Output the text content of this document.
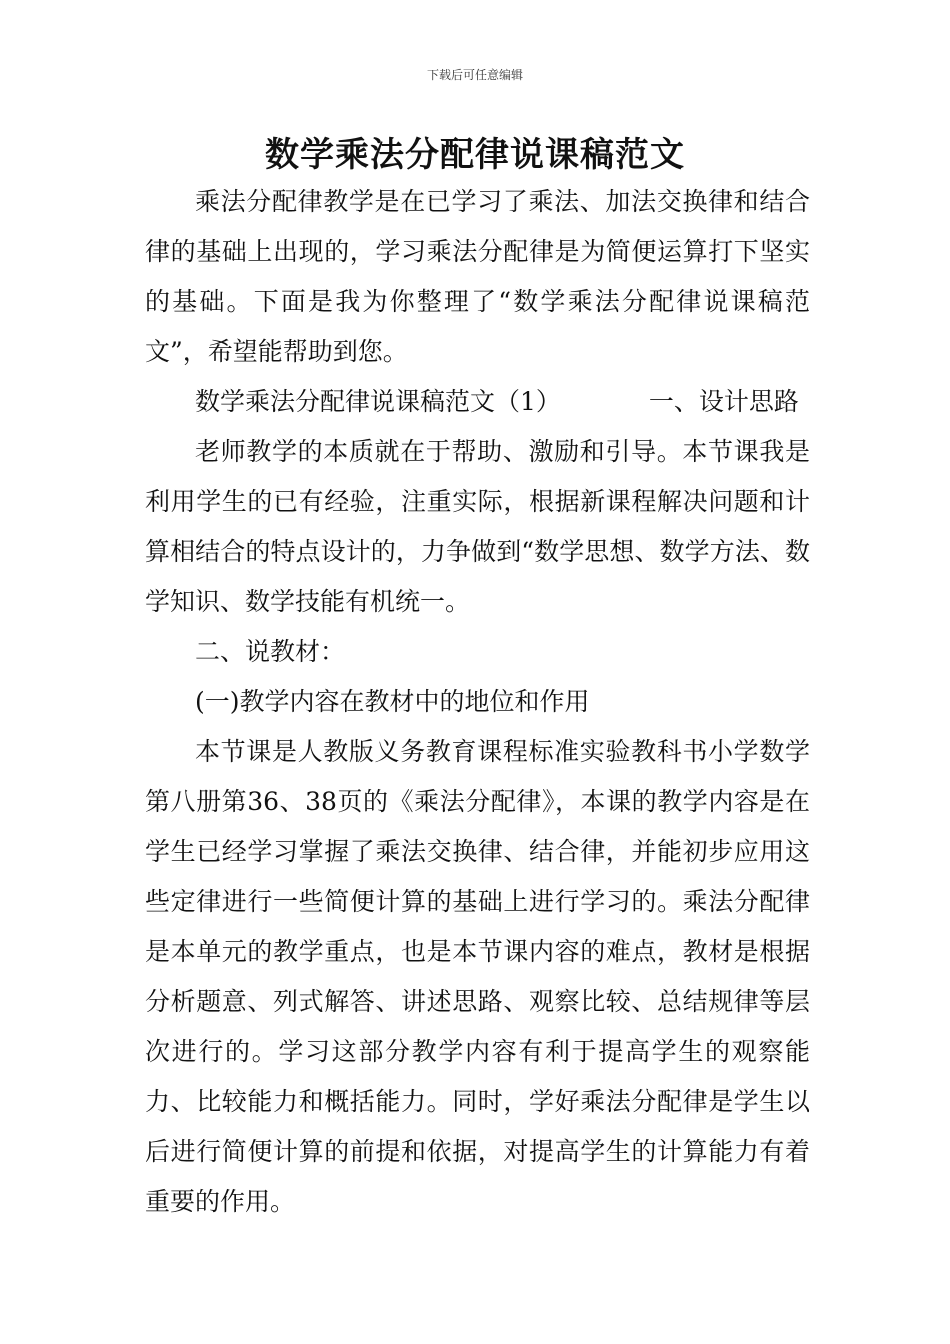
下载后可任意编辑
数学乘法分配律说课稿范文

乘法分配律教学是在已学习了乘法、加法交换律和结合律的基础上出现的，学习乘法分配律是为简便运算打下坚实的基础。下面是我为你整理了“数学乘法分配律说课稿范文”，希望能帮助到您。

数学乘法分配律说课稿范文（1）	一、设计思路

老师教学的本质就在于帮助、激励和引导。本节课我是利用学生的已有经验，注重实际，根据新课程解决问题和计算相结合的特点设计的，力争做到“数学思想、数学方法、数学知识、数学技能有机统一。

二、说教材：

(一)教学内容在教材中的地位和作用

本节课是人教版义务教育课程标准实验教科书小学数学第八册第36、38页的《乘法分配律》，本课的教学内容是在学生已经学习掌握了乘法交换律、结合律，并能初步应用这些定律进行一些简便计算的基础上进行学习的。乘法分配律是本单元的教学重点，也是本节课内容的难点，教材是根据分析题意、列式解答、讲述思路、观察比较、总结规律等层次进行的。学习这部分教学内容有利于提高学生的观察能力、比较能力和概括能力。同时，学好乘法分配律是学生以后进行简便计算的前提和依据，对提高学生的计算能力有着重要的作用。
